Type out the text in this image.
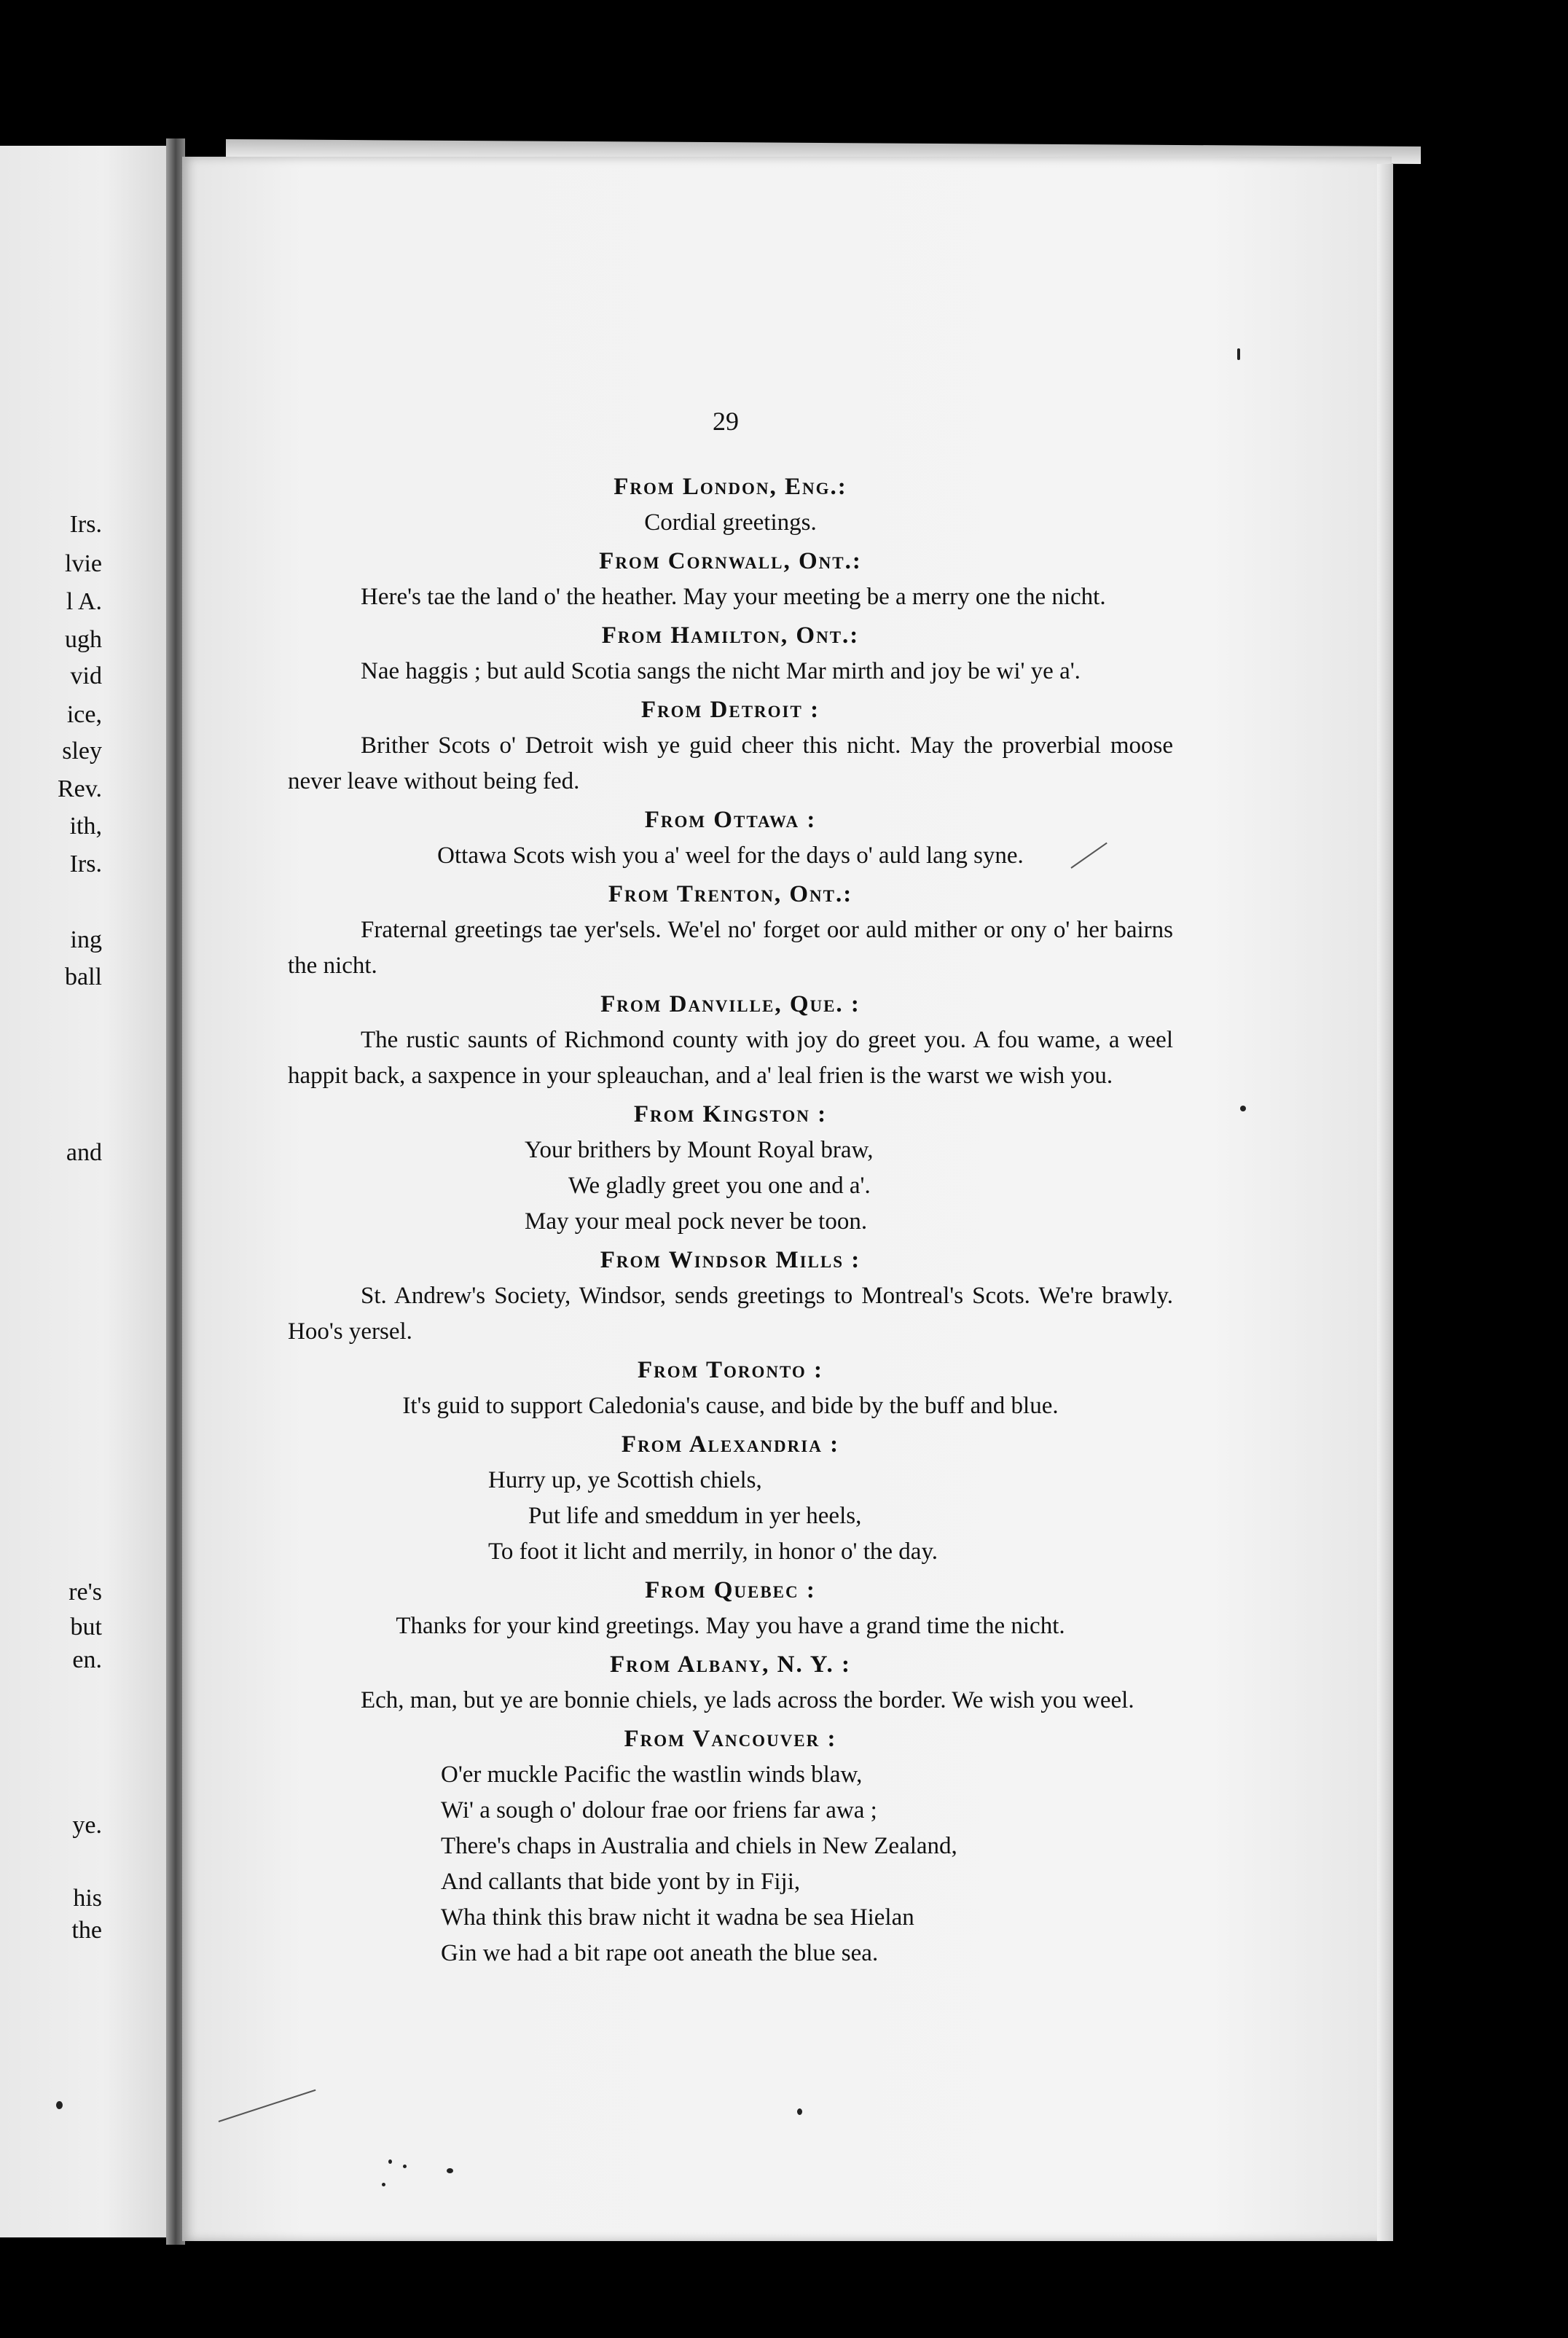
Irs.
lvie
l A.
ugh
vid
ice,
sley
Rev.
ith,
Irs.
ing
ball
and
re's
but
en.
ye.
his
the
29
From London, Eng.:

Cordial greetings.

From Cornwall, Ont.:

Here's tae the land o' the heather. May your meeting be a merry one the nicht.

From Hamilton, Ont.:

Nae haggis ; but auld Scotia sangs the nicht Mar mirth and joy be wi' ye a'.

From Detroit :

Brither Scots o' Detroit wish ye guid cheer this nicht. May the proverbial moose never leave without being fed.

From Ottawa :

Ottawa Scots wish you a' weel for the days o' auld lang syne.

From Trenton, Ont.:

Fraternal greetings tae yer'sels. We'el no' forget oor auld mither or ony o' her bairns the nicht.

From Danville, Que. :

The rustic saunts of Richmond county with joy do greet you. A fou wame, a weel happit back, a saxpence in your spleauchan, and a' leal frien is the warst we wish you.

From Kingston :

Your brithers by Mount Royal braw,

We gladly greet you one and a'.

May your meal pock never be toon.

From Windsor Mills :

St. Andrew's Society, Windsor, sends greetings to Montreal's Scots. We're brawly. Hoo's yersel.

From Toronto :

It's guid to support Caledonia's cause, and bide by the buff and blue.

From Alexandria :

Hurry up, ye Scottish chiels,

Put life and smeddum in yer heels,

To foot it licht and merrily, in honor o' the day.

From Quebec :

Thanks for your kind greetings. May you have a grand time the nicht.

From Albany, N. Y. :

Ech, man, but ye are bonnie chiels, ye lads across the border. We wish you weel.

From Vancouver :

O'er muckle Pacific the wastlin winds blaw,

Wi' a sough o' dolour frae oor friens far awa ;

There's chaps in Australia and chiels in New Zealand,

And callants that bide yont by in Fiji,

Wha think this braw nicht it wadna be sea Hielan

Gin we had a bit rape oot aneath the blue sea.
